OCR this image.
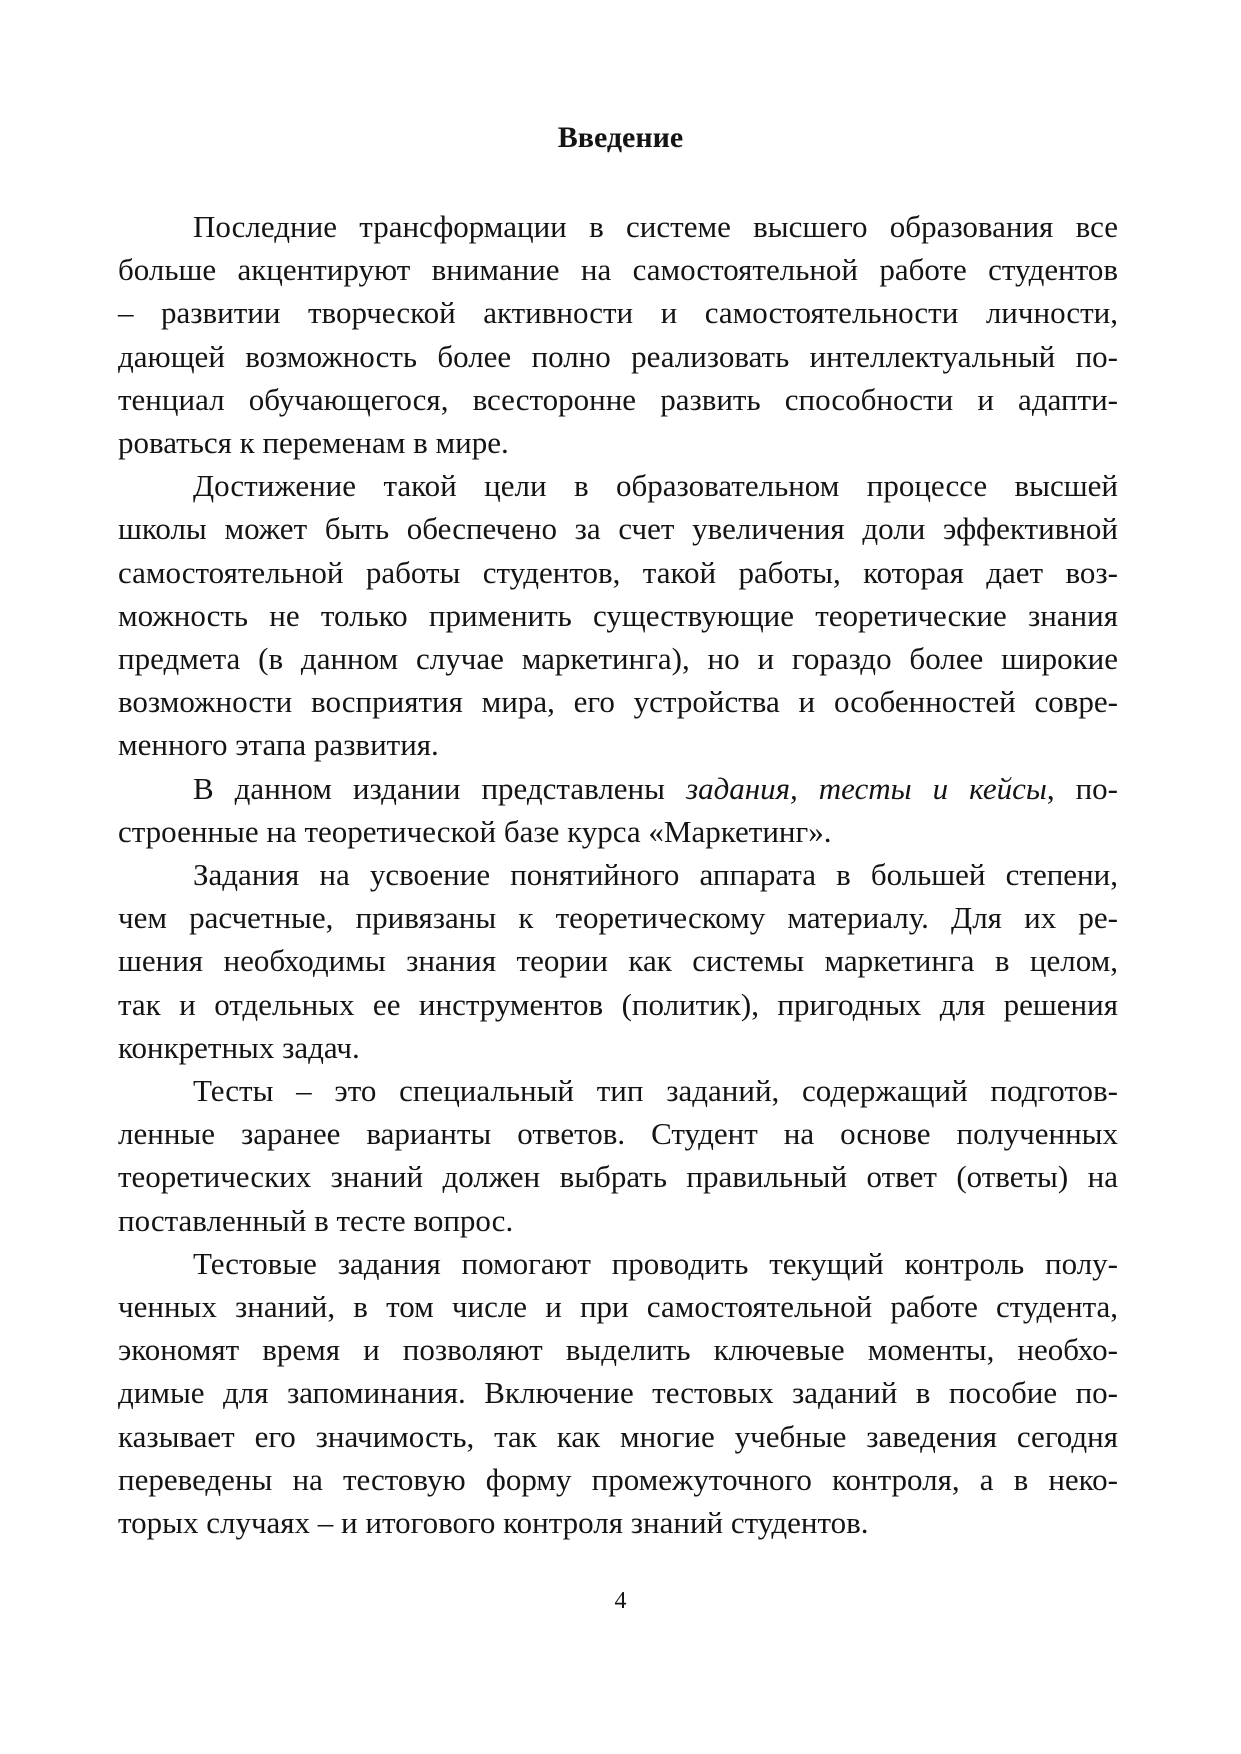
Введение

Последние трансформации в системе высшего образования все
больше акцентируют внимание на самостоятельной работе студентов
– развитии творческой активности и самостоятельности личности,
дающей возможность более полно реализовать интеллектуальный по-
тенциал обучающегося, всесторонне развить способности и адапти-
роваться к переменам в мире.

Достижение такой цели в образовательном процессе высшей
школы может быть обеспечено за счет увеличения доли эффективной
самостоятельной работы студентов, такой работы, которая дает воз-
можность не только применить существующие теоретические знания
предмета (в данном случае маркетинга), но и гораздо более широкие
возможности восприятия мира, его устройства и особенностей совре-
менного этапа развития.

В данном издании представлены задания, тесты и кейсы, по-
строенные на теоретической базе курса «Маркетинг».

Задания на усвоение понятийного аппарата в большей степени,
чем расчетные, привязаны к теоретическому материалу. Для их ре-
шения необходимы знания теории как системы маркетинга в целом,
так и отдельных ее инструментов (политик), пригодных для решения
конкретных задач.

Тесты – это специальный тип заданий, содержащий подготов-
ленные заранее варианты ответов. Студент на основе полученных
теоретических знаний должен выбрать правильный ответ (ответы) на
поставленный в тесте вопрос.

Тестовые задания помогают проводить текущий контроль полу-
ченных знаний, в том числе и при самостоятельной работе студента,
экономят время и позволяют выделить ключевые моменты, необхо-
димые для запоминания. Включение тестовых заданий в пособие по-
казывает его значимость, так как многие учебные заведения сегодня
переведены на тестовую форму промежуточного контроля, а в неко-
торых случаях – и итогового контроля знаний студентов.

4
